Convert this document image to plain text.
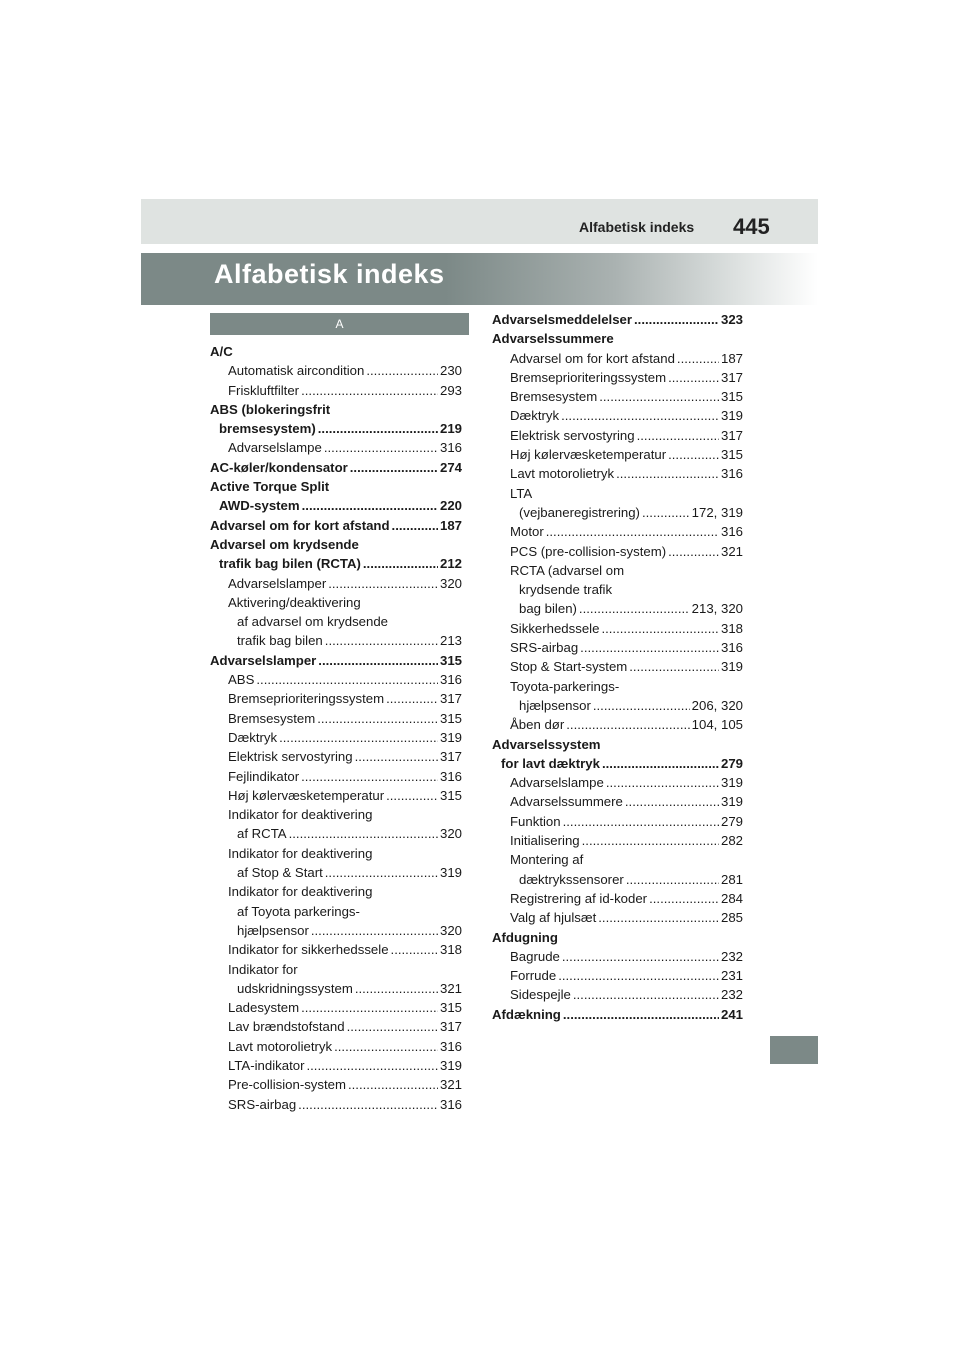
Alfabetisk indeks 445
Alfabetisk indeks
A
A/C
Automatisk aircondition .....	230
Friskluftfilter .....	293
ABS (blokeringsfrit
bremsesystem) .....	219
Advarselslampe .....	316
AC-køler/kondensator .....	274
Active Torque Split
AWD-system .....	220
Advarsel om for kort afstand .....	187
Advarsel om krydsende
trafik bag bilen (RCTA) .....	212
Advarselslamper .....	320
Aktivering/deaktivering
af advarsel om krydsende
trafik bag bilen .....	213
Advarselslamper .....	315
ABS .....	316
Bremseprioriteringssystem .....	317
Bremsesystem .....	315
Dæktryk .....	319
Elektrisk servostyring .....	317
Fejlindikator .....	316
Høj kølervæsketemperatur .....	315
Indikator for deaktivering
af RCTA .....	320
Indikator for deaktivering
af Stop & Start .....	319
Indikator for deaktivering
af Toyota parkerings-
hjælpsensor .....	320
Indikator for sikkerhedssele .....	318
Indikator for
udskridningssystem .....	321
Ladesystem .....	315
Lav brændstofstand .....	317
Lavt motorolietryk .....	316
LTA-indikator .....	319
Pre-collision-system .....	321
SRS-airbag .....	316
Advarselsmeddelelser .....	323
Advarselssummere
Advarsel om for kort afstand .....	187
Bremseprioriteringssystem .....	317
Bremsesystem .....	315
Dæktryk .....	319
Elektrisk servostyring .....	317
Høj kølervæsketemperatur .....	315
Lavt motorolietryk .....	316
LTA
(vejbaneregistrering) .....	172, 319
Motor .....	316
PCS (pre-collision-system) .....	321
RCTA (advarsel om
krydsende trafik
bag bilen) .....	213, 320
Sikkerhedssele .....	318
SRS-airbag .....	316
Stop & Start-system .....	319
Toyota-parkerings-
hjælpsensor .....	206, 320
Åben dør .....	104, 105
Advarselssystem
for lavt dæktryk .....	279
Advarselslampe .....	319
Advarselssummere .....	319
Funktion .....	279
Initialisering .....	282
Montering af
dæktrykssensorer .....	281
Registrering af id-koder .....	284
Valg af hjulsæt .....	285
Afdugning
Bagrude .....	232
Forrude .....	231
Sidespejle .....	232
Afdækning .....	241
